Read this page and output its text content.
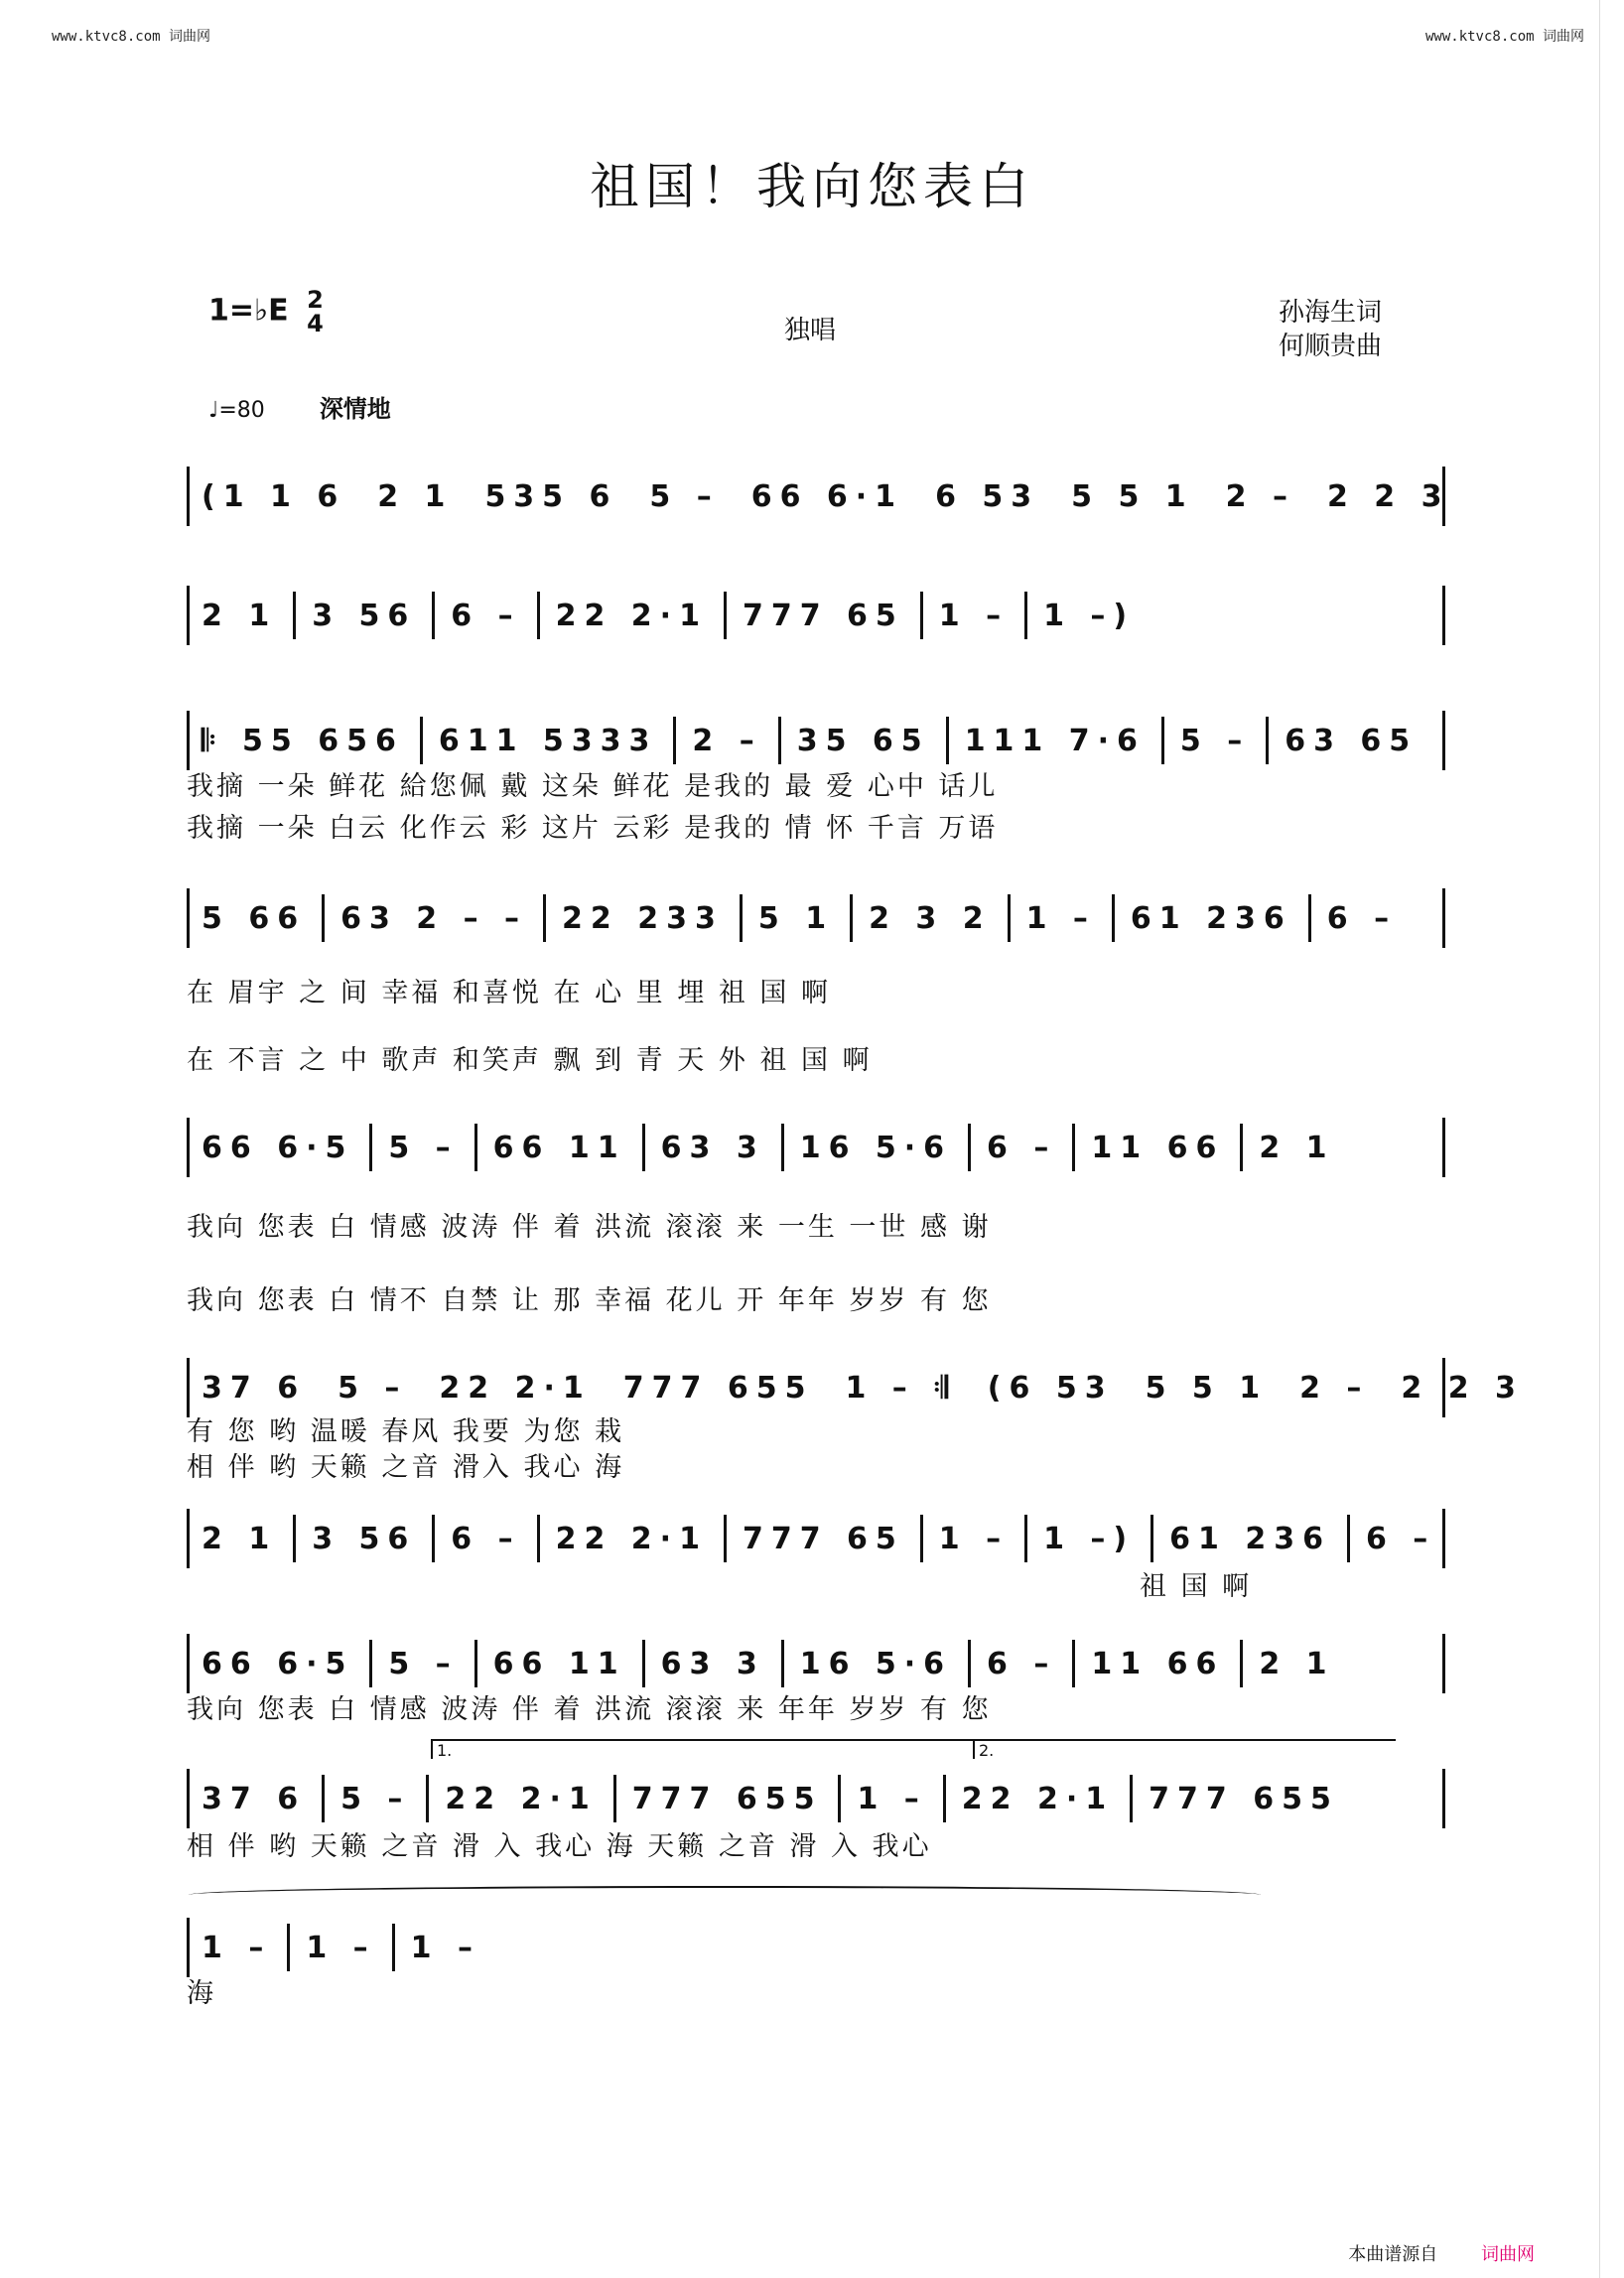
www.ktvc8.com 词曲网	www.ktvc8.com 词曲网
祖国！我向您表白
1=♭E 2
4	独唱
孙海生词
何顺贵曲
♩=80 深情地
(1 1 6 2 1 535 6 5 – 66 6·1 6 53 5 5 1 2 – 2 2 3
2 1 3 56 6 – 22 2·1 777 65 1 – 1 –)
𝄆 55 656 611 5333 2 – 35 65 111 7·6 5 – 63 65
5 66 63 2 – – 22 233 5 1 2 3 2 1 – 61 236 6 –
66 6·5 5 – 66 11 63 3 16 5·6 6 – 11 66 2 1
37 6 5 – 22 2·1 777 655 1 – 𝄇 (6 53 5 5 1 2 – 2 2 3
2 1 3 56 6 – 22 2·1 777 65 1 – 1 –) 61 236 6 –
66 6·5 5 – 66 11 63 3 16 5·6 6 – 11 66 2 1
37 6 5 – 22 2·1 777 655 1 – 22 2·1 777 655
1 – 1 – 1 –
我摘 一朵 鲜花 給您佩 戴 这朵 鲜花 是我的 最 爱 心中 话儿
我摘 一朵 白云 化作云 彩 这片 云彩 是我的 情 怀 千言 万语
在 眉宇 之 间 幸福 和喜悦 在 心 里 埋 祖 国 啊
在 不言 之 中 歌声 和笑声 飘 到 青 天 外 祖 国 啊
我向 您表 白 情感 波涛 伴 着 洪流 滚滚 来 一生 一世 感 谢
我向 您表 白 情不 自禁 让 那 幸福 花儿 开 年年 岁岁 有 您
有 您 哟 温暖 春风 我要 为您 栽
相 伴 哟 天籁 之音 滑入 我心 海
祖 国 啊
我向 您表 白 情感 波涛 伴 着 洪流 滚滚 来 年年 岁岁 有 您
相 伴 哟 天籁 之音 滑 入 我心 海 天籁 之音 滑 入 我心
海
1.	2.
本曲谱源自 词曲网
